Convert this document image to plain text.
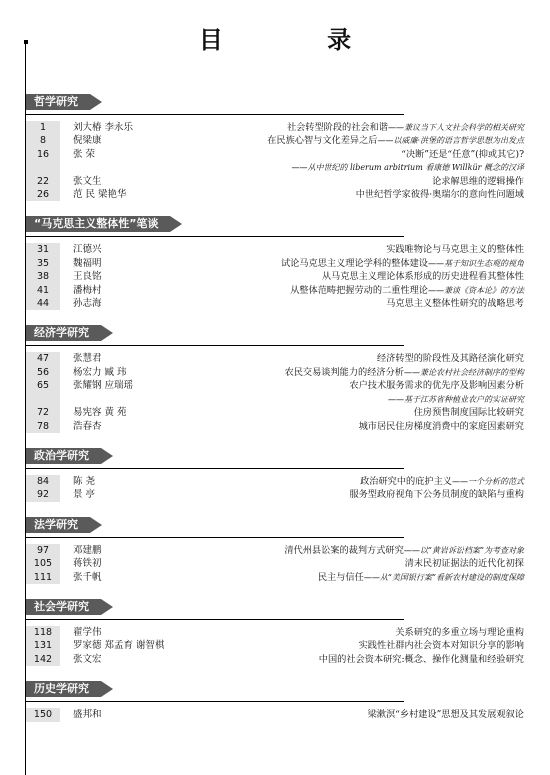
目 录
哲学研究
1	刘大椿 李永乐	社会转型阶段的社会和谐——兼议当下人文社会科学的相关研究
8	倪梁康	在民族心智与文化差异之后——以威廉·洪堡的语言哲学思想为出发点
16	张 荣	“决断”还是“任意”(抑或其它)?
——从中世纪的 liberum arbitrium 看康德 Willkür 概念的汉译
22	张文生	论求解思维的逻辑操作
26	范 民 梁艳华	中世纪哲学家彼得·奥瑞尔的意向性问题域
“马克思主义整体性”笔谈
31	江德兴	实践唯物论与马克思主义的整体性
35	魏福明	试论马克思主义理论学科的整体建设——基于知识生态观的视角
38	王良铭	从马克思主义理论体系形成的历史进程看其整体性
41	潘梅村	从整体范畴把握劳动的二重性理论——兼谈《资本论》的方法
44	孙志海	马克思主义整体性研究的战略思考
经济学研究
47	张慧君	经济转型的阶段性及其路径演化研究
56	杨宏力 臧 玮	农民交易谈判能力的经济分析——兼论农村社会经济制序的型构
65	张耀钢 应瑞瑶	农户技术服务需求的优先序及影响因素分析
——基于江苏省种植业农户的实证研究
72	易宪容 黄 苑	住房预售制度国际比较研究
78	浩春杏	城市居民住房梯度消费中的家庭因素研究
政治学研究
84	陈 尧	政治研究中的庇护主义——一个分析的范式
92	景 亭	服务型政府视角下公务员制度的缺陷与重构
法学研究
97	邓建鹏	清代州县讼案的裁判方式研究——以“黄岩诉讼档案”为考查对象
105	蒋铁初	清末民初证据法的近代化初探
111	张千帆	民主与信任——从“美国银行案”看新农村建设的制度保障
社会学研究
118	翟学伟	关系研究的多重立场与理论重构
131	罗家德 郑孟育 谢智棋	实践性社群内社会资本对知识分享的影响
142	张文宏	中国的社会资本研究:概念、操作化测量和经验研究
历史学研究
150	盛邦和	梁漱溟“乡村建设”思想及其发展观叙论
